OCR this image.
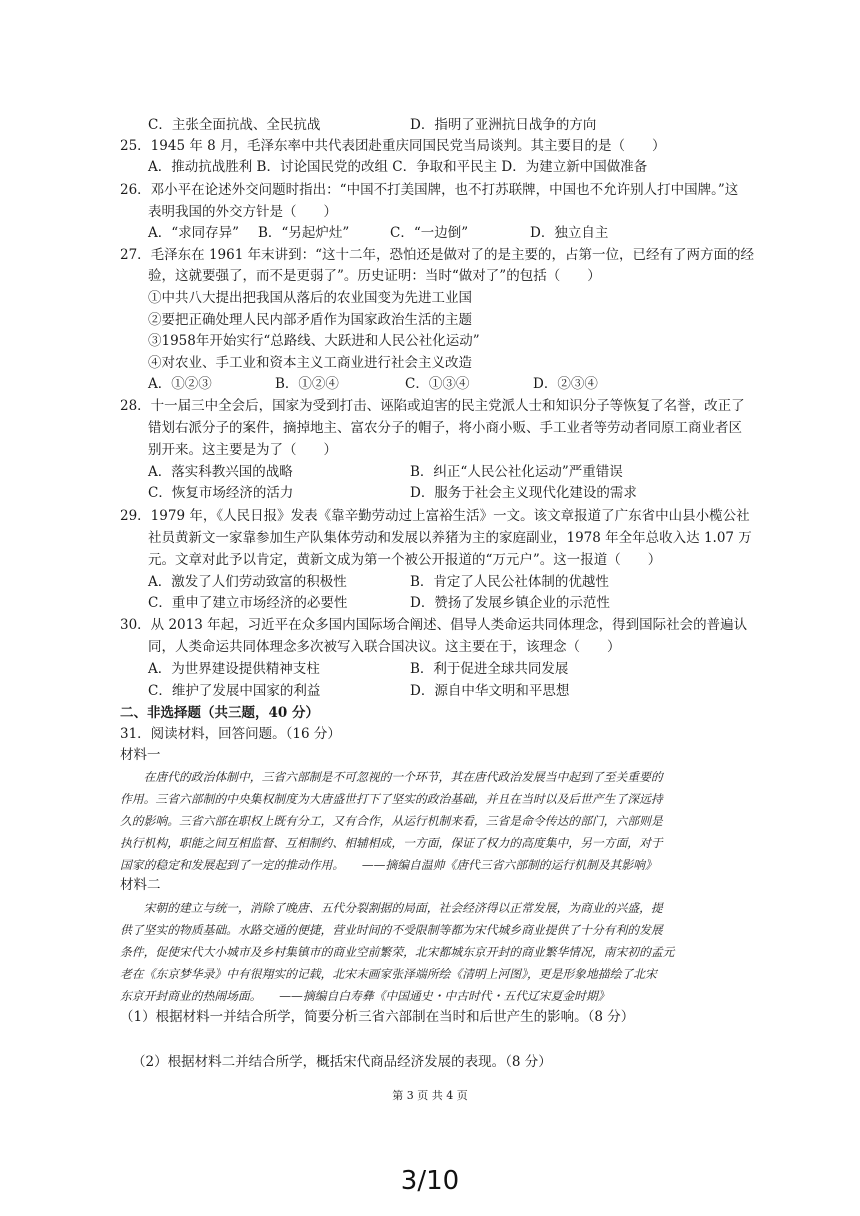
C．主张全面抗战、全民抗战	D．指明了亚洲抗日战争的方向
25．1945 年 8 月，毛泽东率中共代表团赴重庆同国民党当局谈判。其主要目的是（　　）
A．推动抗战胜利 B．讨论国民党的改组 C．争取和平民主 D．为建立新中国做准备
26．邓小平在论述外交问题时指出：“中国不打美国牌，也不打苏联牌，中国也不允许别人打中国牌。”这
表明我国的外交方针是（　　）
A．“求同存异” B．“另起炉灶”	C．“一边倒”	D．独立自主
27．毛泽东在 1961 年末讲到：“这十二年，恐怕还是做对了的是主要的，占第一位，已经有了两方面的经
验，这就要强了，而不是更弱了”。历史证明：当时“做对了”的包括（　　）
①中共八大提出把我国从落后的农业国变为先进工业国
②要把正确处理人民内部矛盾作为国家政治生活的主题
③1958年开始实行“总路线、大跃进和人民公社化运动”
④对农业、手工业和资本主义工商业进行社会主义改造
A．①②③	B．①②④	C．①③④	D．②③④
28．十一届三中全会后，国家为受到打击、诬陷或迫害的民主党派人士和知识分子等恢复了名誉，改正了
错划右派分子的案件，摘掉地主、富农分子的帽子，将小商小贩、手工业者等劳动者同原工商业者区
别开来。这主要是为了（　　）
A．落实科教兴国的战略	B．纠正“人民公社化运动”严重错误
C．恢复市场经济的活力	D．服务于社会主义现代化建设的需求
29．1979 年，《人民日报》发表《靠辛勤劳动过上富裕生活》一文。该文章报道了广东省中山县小榄公社
社员黄新文一家靠参加生产队集体劳动和发展以养猪为主的家庭副业，1978 年全年总收入达 1.07 万
元。文章对此予以肯定，黄新文成为第一个被公开报道的“万元户”。这一报道（　　）
A．激发了人们劳动致富的积极性	B．肯定了人民公社体制的优越性
C．重申了建立市场经济的必要性	D．赞扬了发展乡镇企业的示范性
30．从 2013 年起，习近平在众多国内国际场合阐述、倡导人类命运共同体理念，得到国际社会的普遍认
同，人类命运共同体理念多次被写入联合国决议。这主要在于，该理念（　　）
A．为世界建设提供精神支柱	B．利于促进全球共同发展
C．维护了发展中国家的利益	D．源自中华文明和平思想
二、非选择题（共三题，40 分）
31．阅读材料，回答问题。（16 分）
材料一
　　在唐代的政治体制中，三省六部制是不可忽视的一个环节，其在唐代政治发展当中起到了至关重要的
作用。三省六部制的中央集权制度为大唐盛世打下了坚实的政治基础，并且在当时以及后世产生了深远持
久的影响。三省六部在职权上既有分工，又有合作，从运行机制来看，三省是命令传达的部门，六部则是
执行机构，职能之间互相监督、互相制约、相辅相成，一方面，保证了权力的高度集中，另一方面，对于
国家的稳定和发展起到了一定的推动作用。　　——摘编自温帅《唐代三省六部制的运行机制及其影响》
材料二
　　宋朝的建立与统一，消除了晚唐、五代分裂割据的局面，社会经济得以正常发展，为商业的兴盛，提
供了坚实的物质基础。水路交通的便捷，营业时间的不受限制等都为宋代城乡商业提供了十分有利的发展
条件，促使宋代大小城市及乡村集镇市的商业空前繁荣，北宋都城东京开封的商业繁华情况，南宋初的孟元
老在《东京梦华录》中有很翔实的记载，北宋末画家张泽端所绘《清明上河图》，更是形象地描绘了北宋
东京开封商业的热闹场面。　　——摘编自白寿彝《中国通史・中古时代・五代辽宋夏金时期》
（1）根据材料一并结合所学，简要分析三省六部制在当时和后世产生的影响。（8 分）
（2）根据材料二并结合所学，概括宋代商品经济发展的表现。（8 分）
第 3 页 共 4 页
3/10
